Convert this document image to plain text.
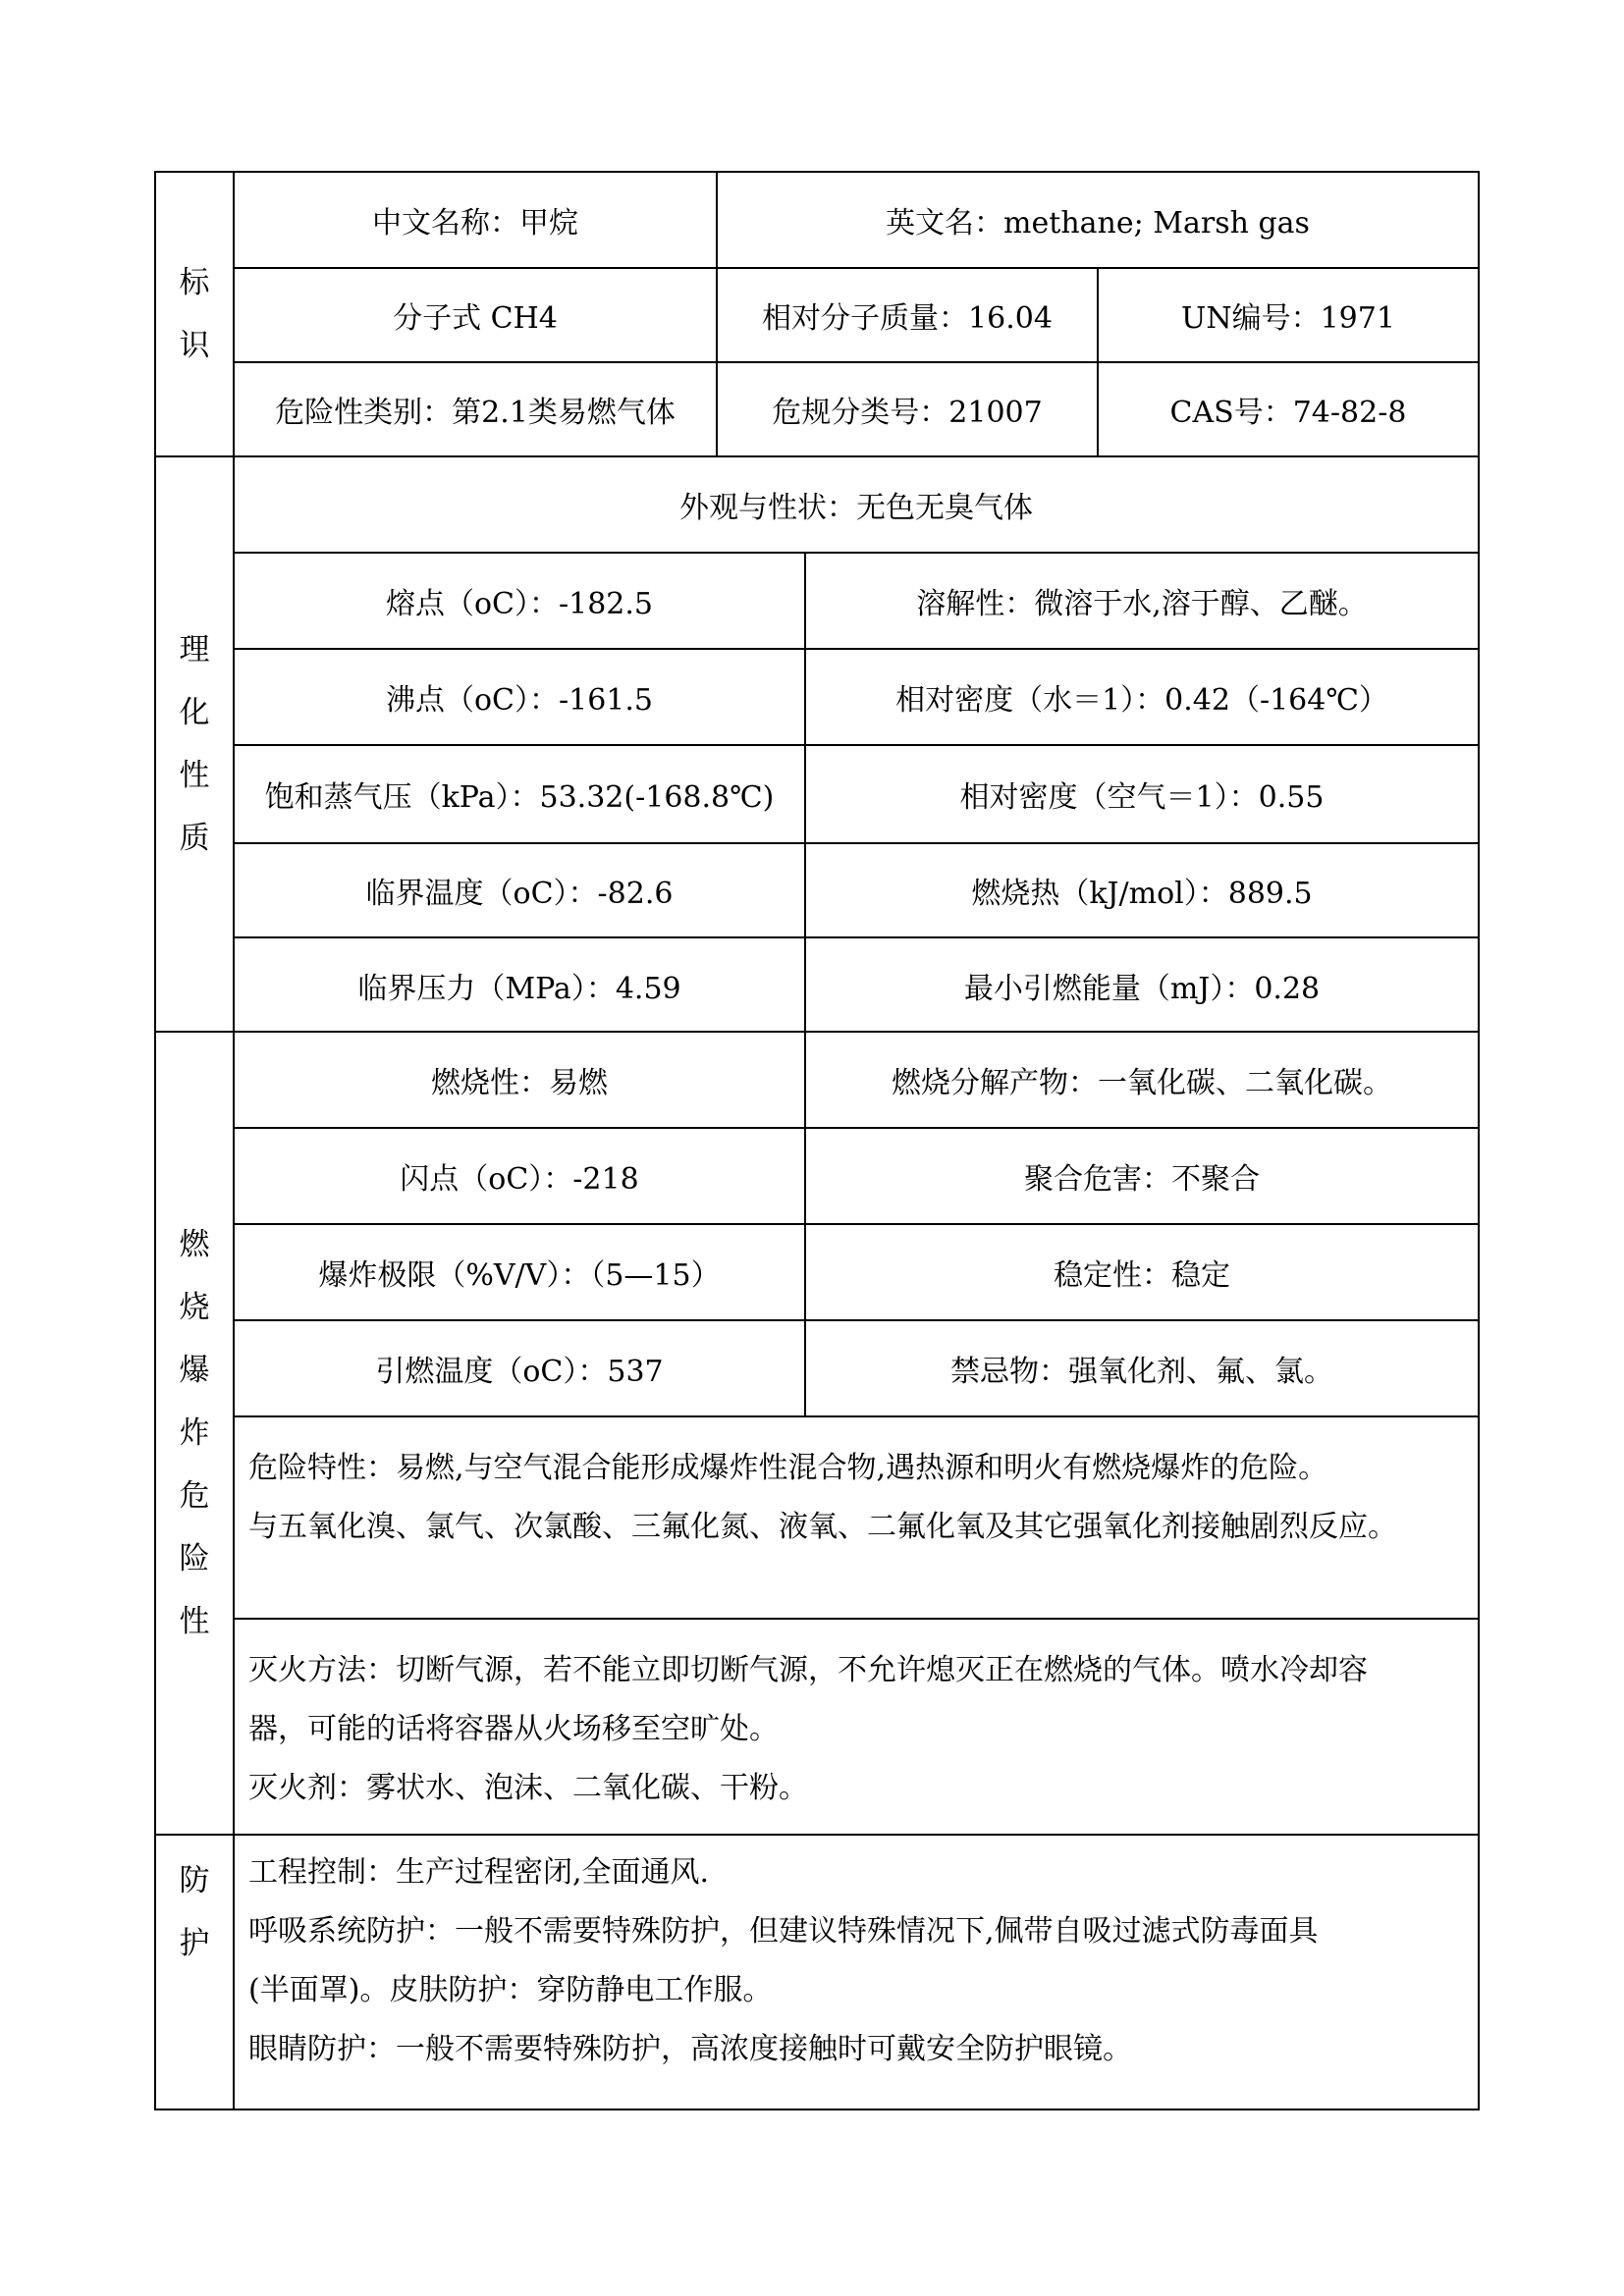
标识
中文名称：甲烷	英文名：methane; Marsh gas
分子式 CH4	相对分子质量：16.04	UN编号：1971
危险性类别：第2.1类易燃气体	危规分类号：21007	CAS号：74-82-8
理化性质
外观与性状：无色无臭气体
熔点（oC）：-182.5	溶解性：微溶于水,溶于醇、乙醚。
沸点（oC）：-161.5	相对密度（水＝1）：0.42（-164℃）
饱和蒸气压（kPa）：53.32(-168.8℃)	相对密度（空气＝1）：0.55
临界温度（oC）：-82.6	燃烧热（kJ/mol）：889.5
临界压力（MPa）：4.59	最小引燃能量（mJ）：0.28
燃烧爆炸危险性
燃烧性：易燃	燃烧分解产物：一氧化碳、二氧化碳。
闪点（oC）：-218	聚合危害：不聚合
爆炸极限（%V/V）：（5—15）	稳定性：稳定
引燃温度（oC）：537	禁忌物：强氧化剂、氟、氯。

危险特性：易燃,与空气混合能形成爆炸性混合物,遇热源和明火有燃烧爆炸的危险。

与五氧化溴、氯气、次氯酸、三氟化氮、液氧、二氟化氧及其它强氧化剂接触剧烈反应。

灭火方法：切断气源，若不能立即切断气源，不允许熄灭正在燃烧的气体。喷水冷却容

器，可能的话将容器从火场移至空旷处。

灭火剂：雾状水、泡沫、二氧化碳、干粉。

防护

工程控制：生产过程密闭,全面通风.

呼吸系统防护：一般不需要特殊防护，但建议特殊情况下,佩带自吸过滤式防毒面具

(半面罩)。皮肤防护：穿防静电工作服。

眼睛防护：一般不需要特殊防护，高浓度接触时可戴安全防护眼镜。
